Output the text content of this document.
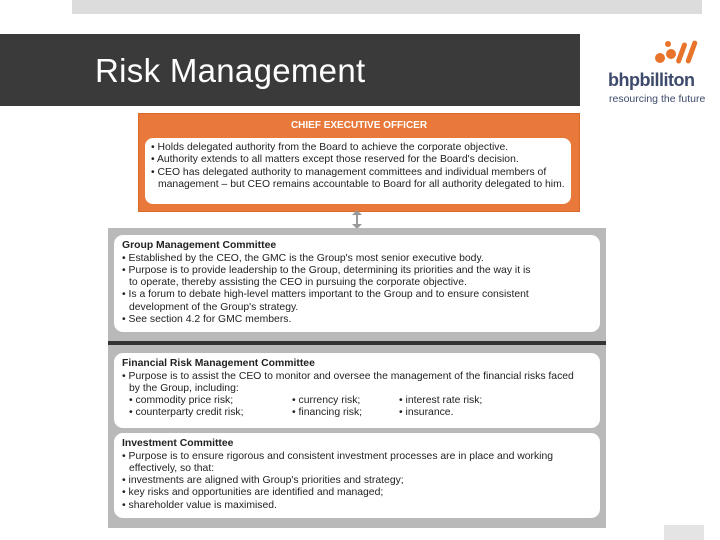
Risk Management	bhpbilliton
resourcing the future
CHIEF EXECUTIVE OFFICER
• Holds delegated authority from the Board to achieve the corporate objective.
• Authority extends to all matters except those reserved for the Board's decision.
• CEO has delegated authority to management committees and individual members of
management – but CEO remains accountable to Board for all authority delegated to him.
Group Management Committee
• Established by the CEO, the GMC is the Group's most senior executive body.
• Purpose is to provide leadership to the Group, determining its priorities and the way it is
to operate, thereby assisting the CEO in pursuing the corporate objective.
• Is a forum to debate high-level matters important to the Group and to ensure consistent
development of the Group's strategy.
• See section 4.2 for GMC members.
Financial Risk Management Committee
• Purpose is to assist the CEO to monitor and oversee the management of the financial risks faced
by the Group, including:
• commodity price risk;	• currency risk;	• interest rate risk;
• counterparty credit risk;	• financing risk;	• insurance.
Investment Committee
• Purpose is to ensure rigorous and consistent investment processes are in place and working
effectively, so that:
• investments are aligned with Group's priorities and strategy;
• key risks and opportunities are identified and managed;
• shareholder value is maximised.
